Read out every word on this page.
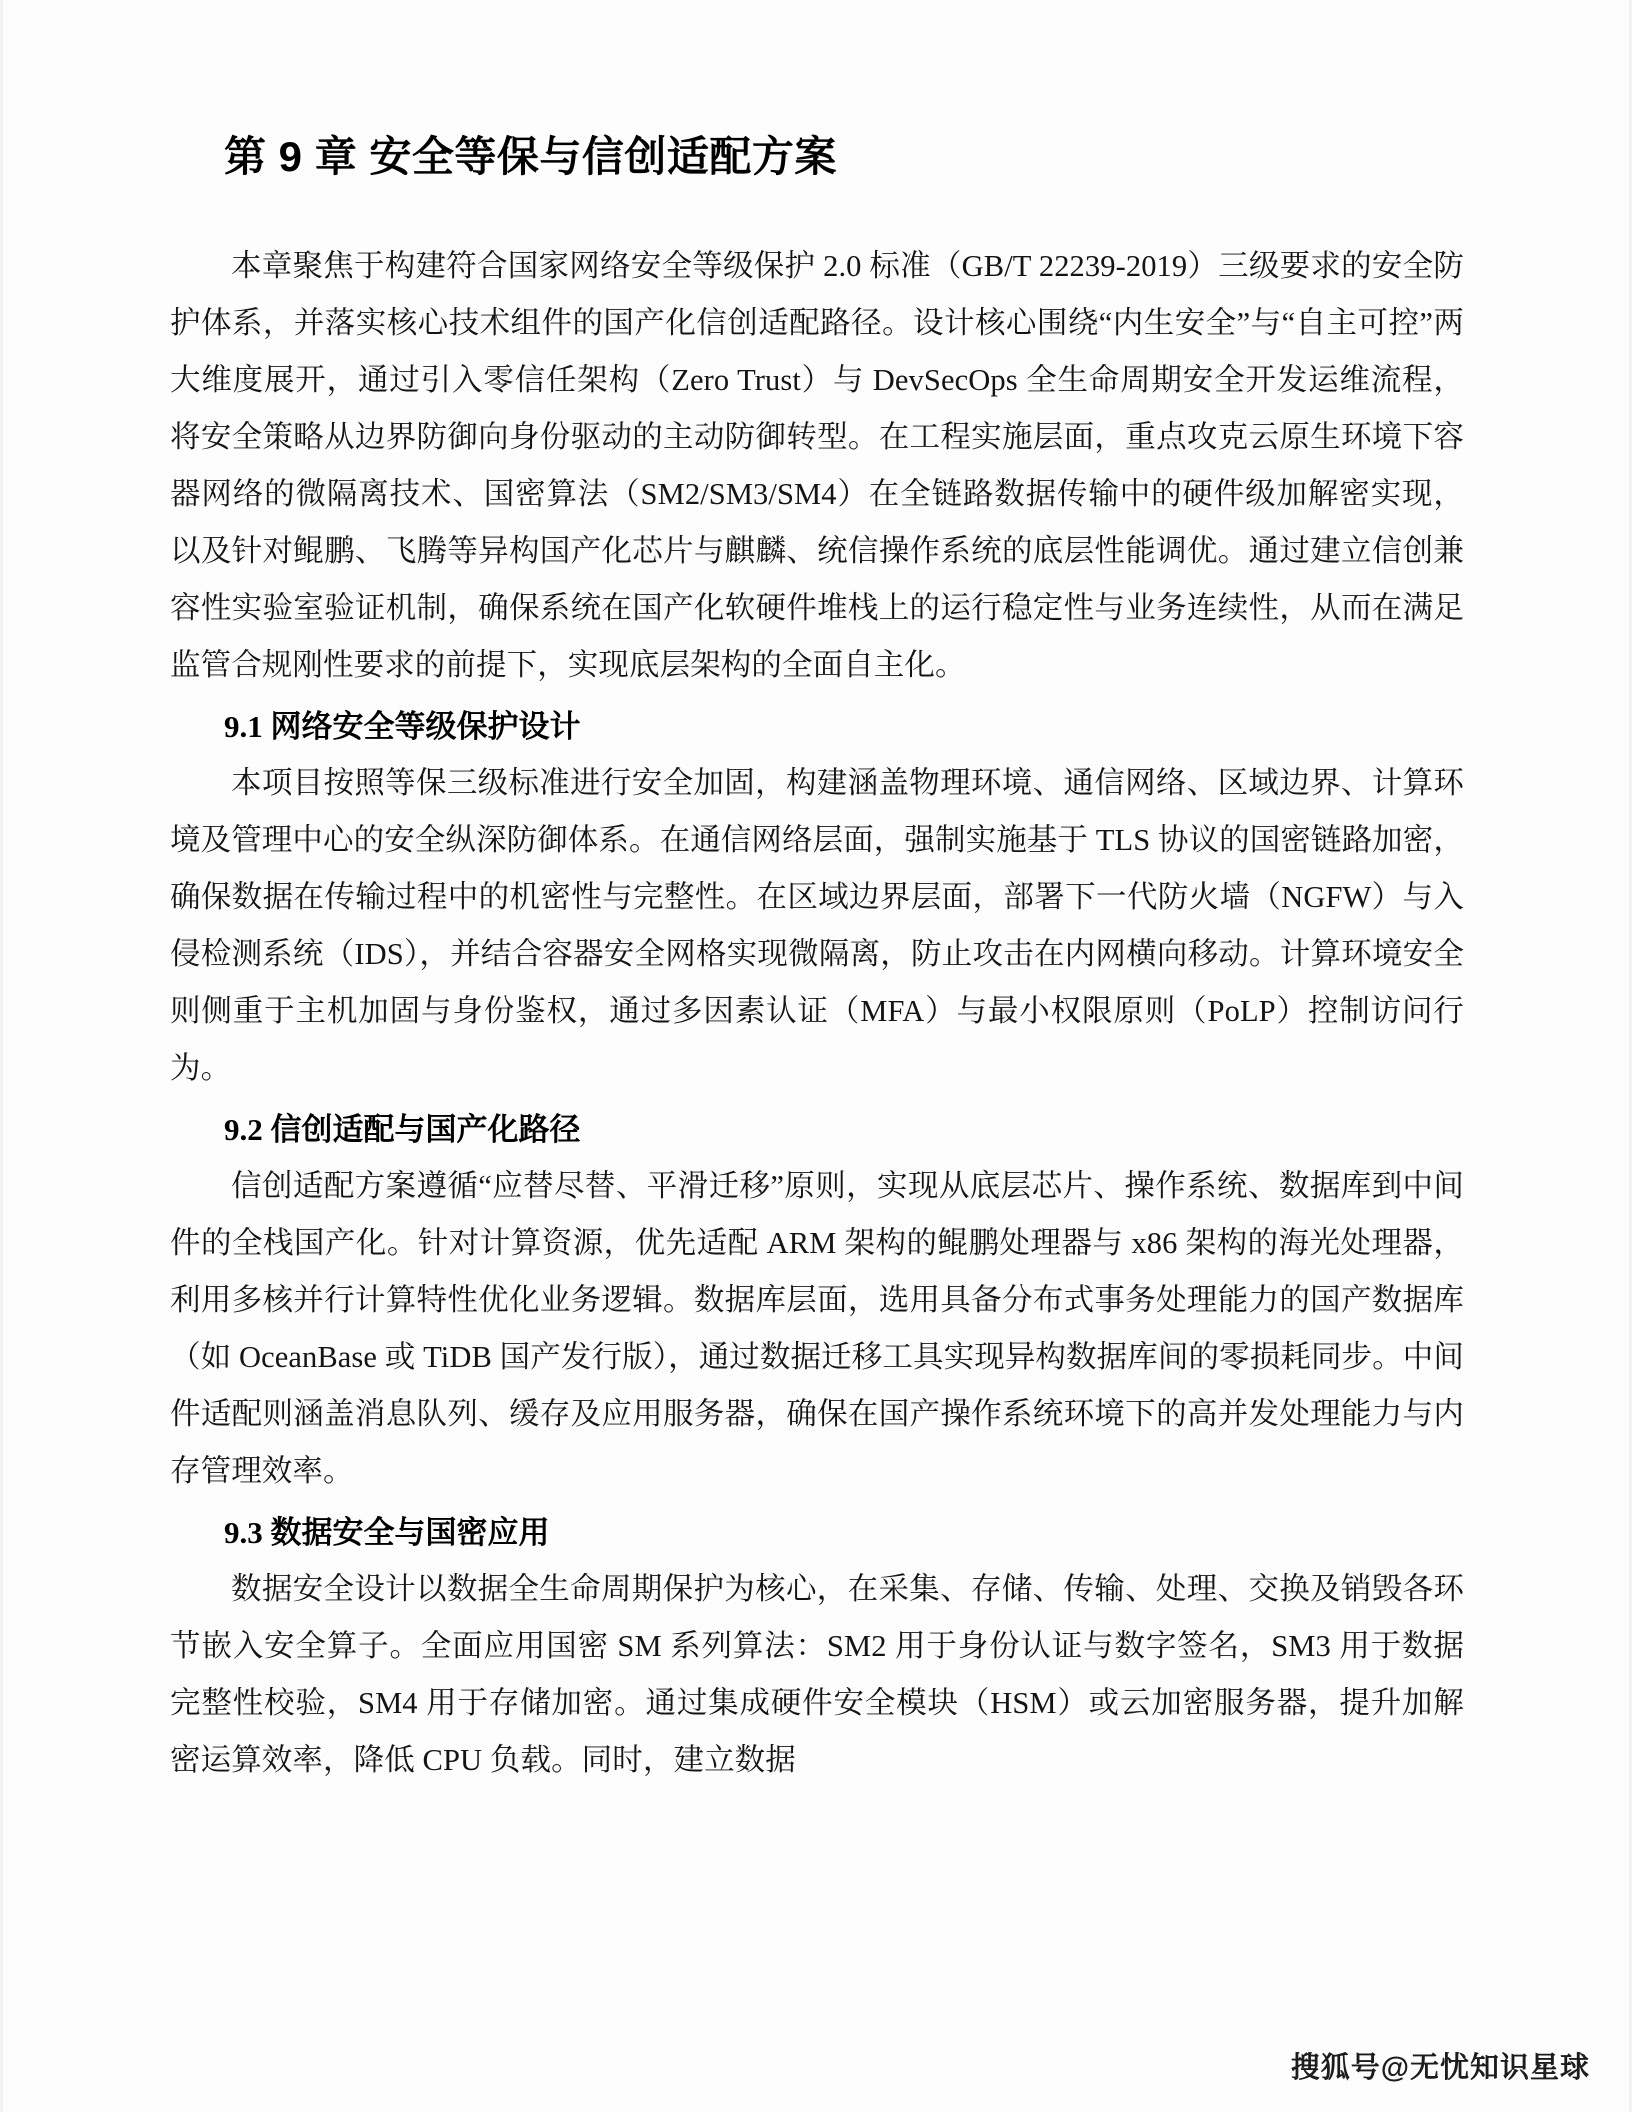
第 9 章 安全等保与信创适配方案

本章聚焦于构建符合国家网络安全等级保护 2.0 标准（GB/T 22239-2019）三级要求的安全防护体系，并落实核心技术组件的国产化信创适配路径。设计核心围绕“内生安全”与“自主可控”两大维度展开，通过引入零信任架构（Zero Trust）与 DevSecOps 全生命周期安全开发运维流程，将安全策略从边界防御向身份驱动的主动防御转型。在工程实施层面，重点攻克云原生环境下容器网络的微隔离技术、国密算法（SM2/SM3/SM4）在全链路数据传输中的硬件级加解密实现，以及针对鲲鹏、飞腾等异构国产化芯片与麒麟、统信操作系统的底层性能调优。通过建立信创兼容性实验室验证机制，确保系统在国产化软硬件堆栈上的运行稳定性与业务连续性，从而在满足监管合规刚性要求的前提下，实现底层架构的全面自主化。

9.1 网络安全等级保护设计

本项目按照等保三级标准进行安全加固，构建涵盖物理环境、通信网络、区域边界、计算环境及管理中心的安全纵深防御体系。在通信网络层面，强制实施基于 TLS 协议的国密链路加密，确保数据在传输过程中的机密性与完整性。在区域边界层面，部署下一代防火墙（NGFW）与入侵检测系统（IDS），并结合容器安全网格实现微隔离，防止攻击在内网横向移动。计算环境安全则侧重于主机加固与身份鉴权，通过多因素认证（MFA）与最小权限原则（PoLP）控制访问行为。

9.2 信创适配与国产化路径

信创适配方案遵循“应替尽替、平滑迁移”原则，实现从底层芯片、操作系统、数据库到中间件的全栈国产化。针对计算资源，优先适配 ARM 架构的鲲鹏处理器与 x86 架构的海光处理器，利用多核并行计算特性优化业务逻辑。数据库层面，选用具备分布式事务处理能力的国产数据库（如 OceanBase 或 TiDB 国产发行版），通过数据迁移工具实现异构数据库间的零损耗同步。中间件适配则涵盖消息队列、缓存及应用服务器，确保在国产操作系统环境下的高并发处理能力与内存管理效率。

9.3 数据安全与国密应用

数据安全设计以数据全生命周期保护为核心，在采集、存储、传输、处理、交换及销毁各环节嵌入安全算子。全面应用国密 SM 系列算法：SM2 用于身份认证与数字签名，SM3 用于数据完整性校验，SM4 用于存储加密。通过集成硬件安全模块（HSM）或云加密服务器，提升加解密运算效率，降低 CPU 负载。同时，建立数据

搜狐号@无忧知识星球
